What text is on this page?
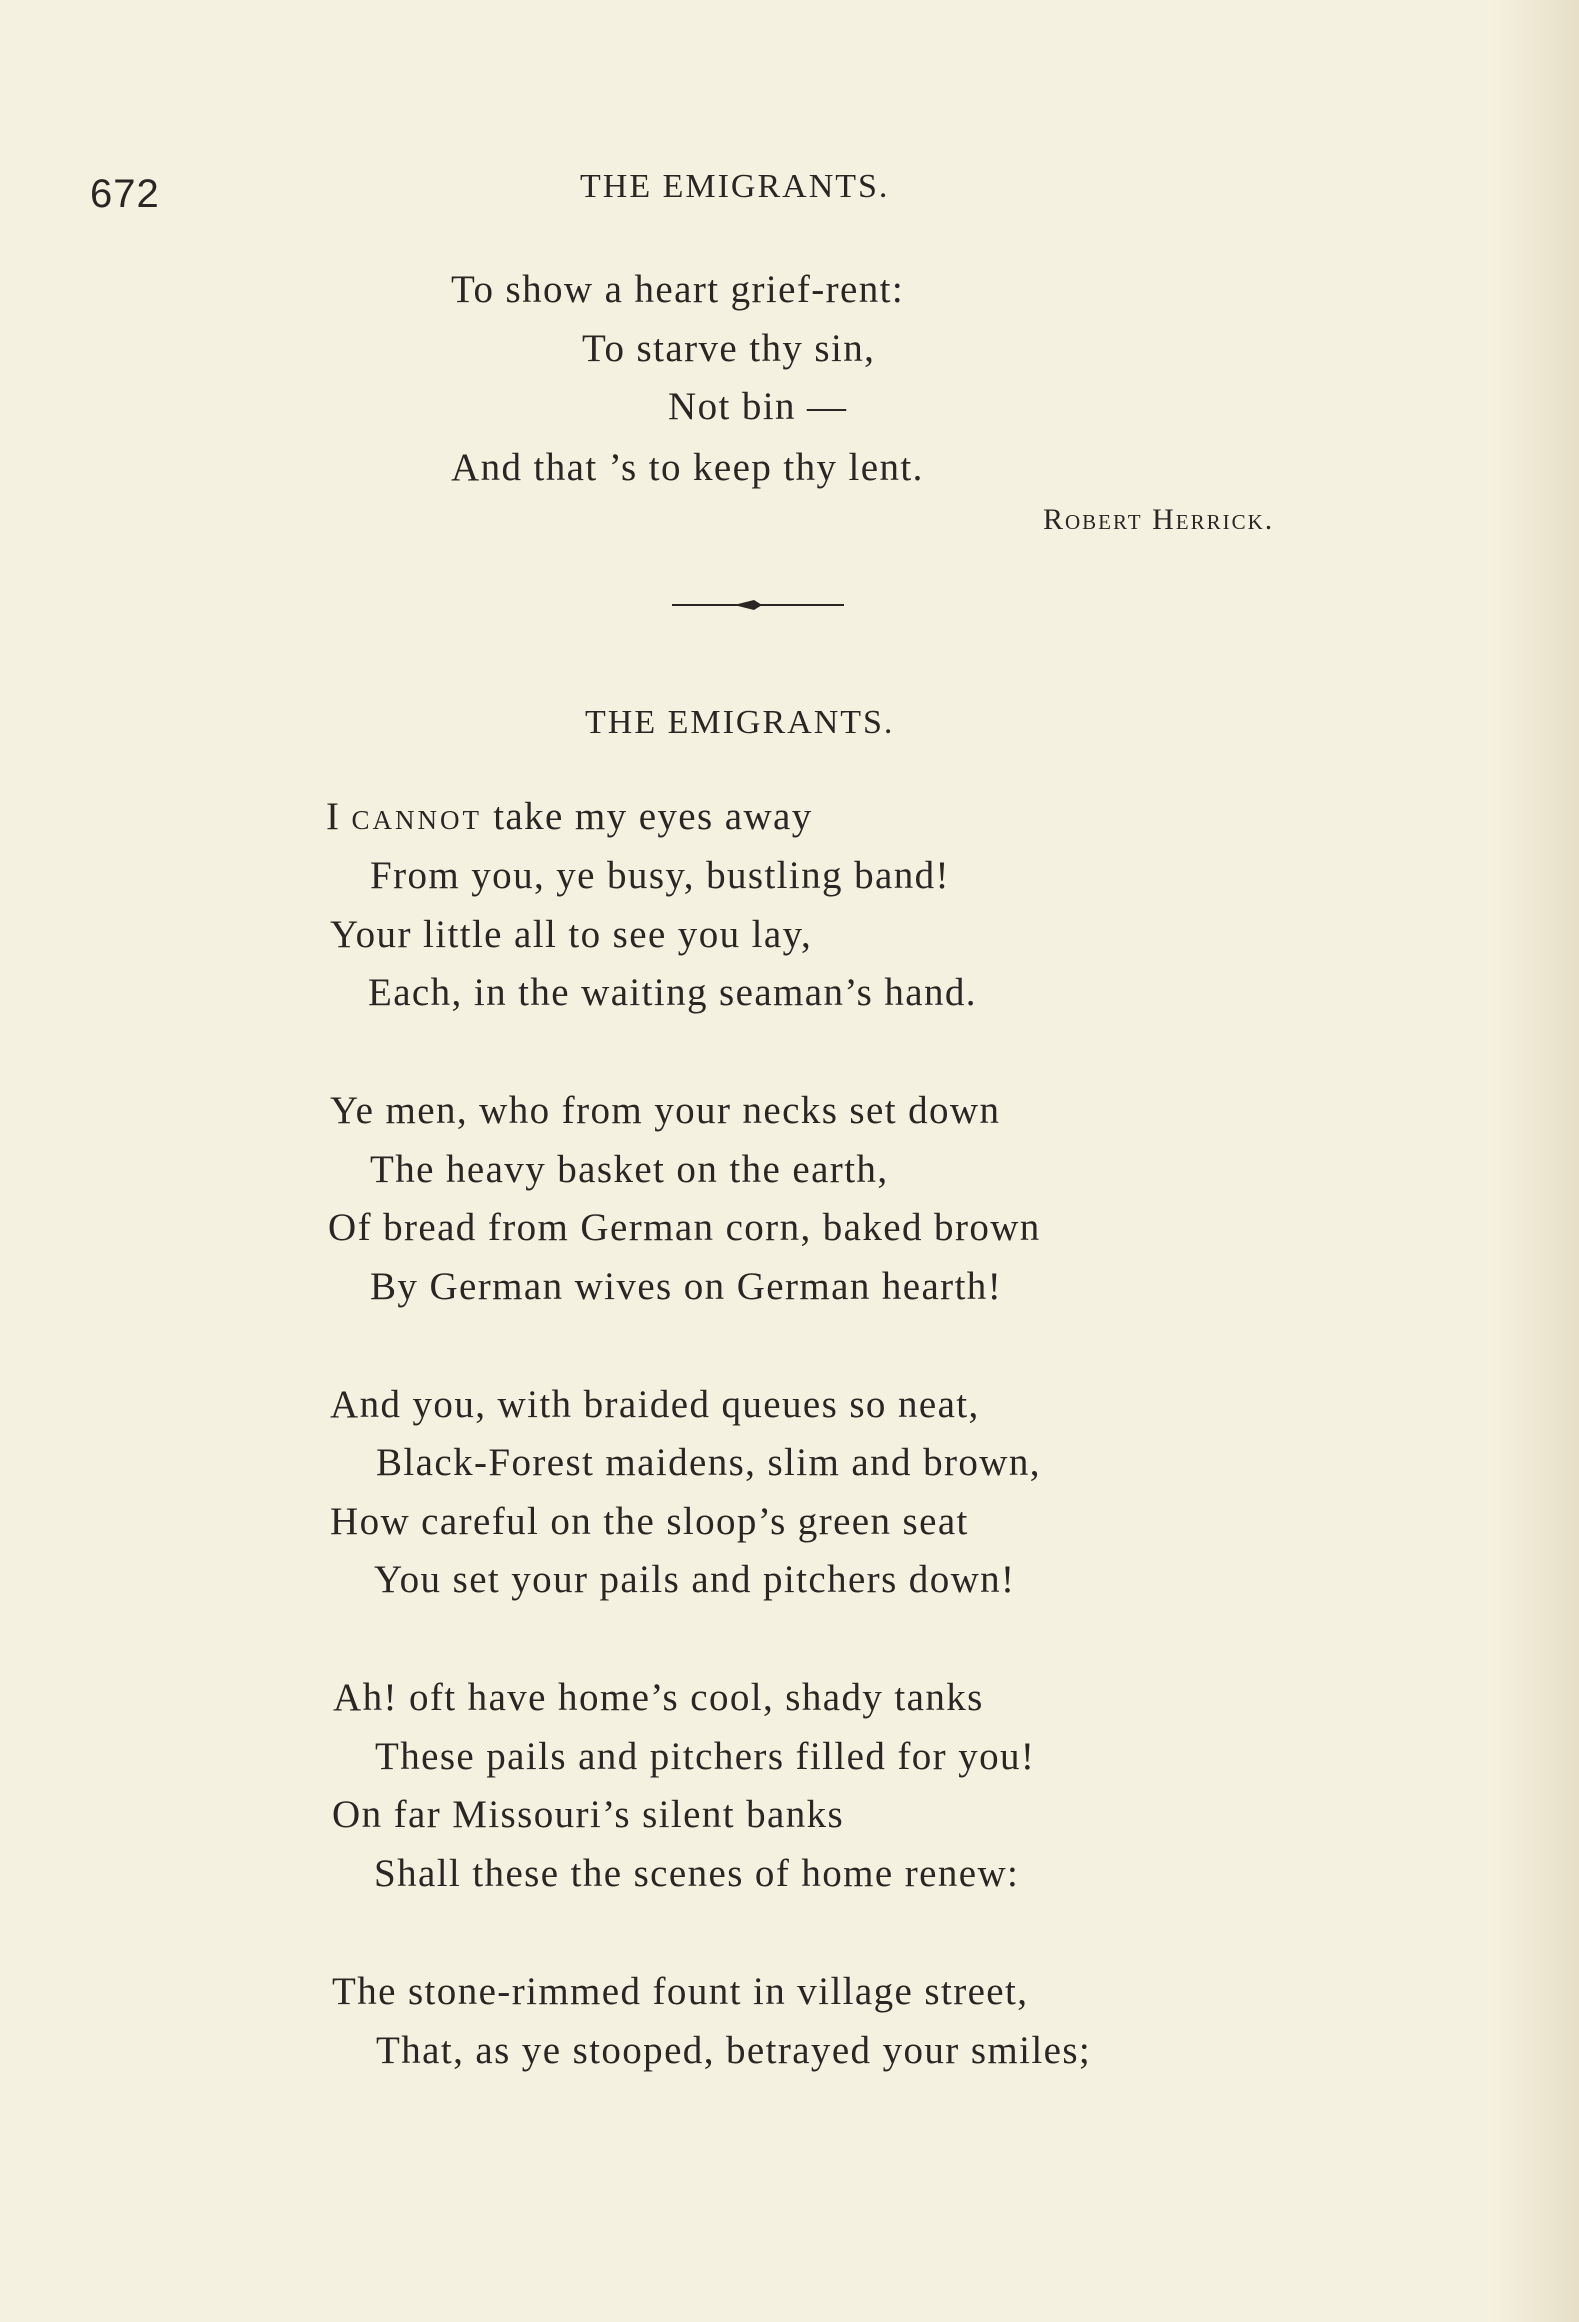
672	THE EMIGRANTS.
To show a heart grief-rent:
To starve thy sin,
Not bin —
And that ’s to keep thy lent.
Robert Herrick.
THE EMIGRANTS.
I cannot take my eyes away
From you, ye busy, bustling band!
Your little all to see you lay,
Each, in the waiting seaman’s hand.
Ye men, who from your necks set down
The heavy basket on the earth,
Of bread from German corn, baked brown
By German wives on German hearth!
And you, with braided queues so neat,
Black-Forest maidens, slim and brown,
How careful on the sloop’s green seat
You set your pails and pitchers down!
Ah! oft have home’s cool, shady tanks
These pails and pitchers filled for you!
On far Missouri’s silent banks
Shall these the scenes of home renew:
The stone-rimmed fount in village street,
That, as ye stooped, betrayed your smiles;
